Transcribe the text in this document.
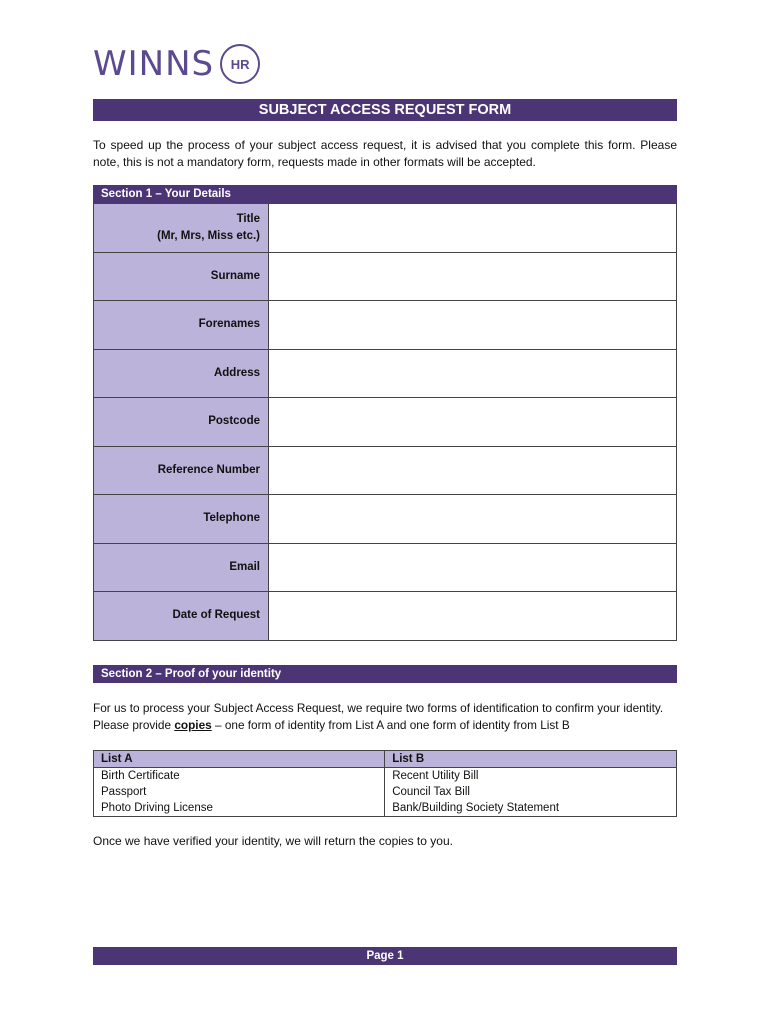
WINNS	HR
SUBJECT ACCESS REQUEST FORM
To speed up the process of your subject access request, it is advised that you complete this form. Please note, this is not a mandatory form, requests made in other formats will be accepted.
Section 1 – Your Details
Title
(Mr, Mrs, Miss etc.)	
Surname	
Forenames	
Address	
Postcode	
Reference Number	
Telephone	
Email	
Date of Request	
Section 2 – Proof of your identity
For us to process your Subject Access Request, we require two forms of identification to confirm your identity. Please provide copies – one form of identity from List A and one form of identity from List B
List A	List B
Birth Certificate	Recent Utility Bill
Passport	Council Tax Bill
Photo Driving License	Bank/Building Society Statement
Once we have verified your identity, we will return the copies to you.
Page 1
